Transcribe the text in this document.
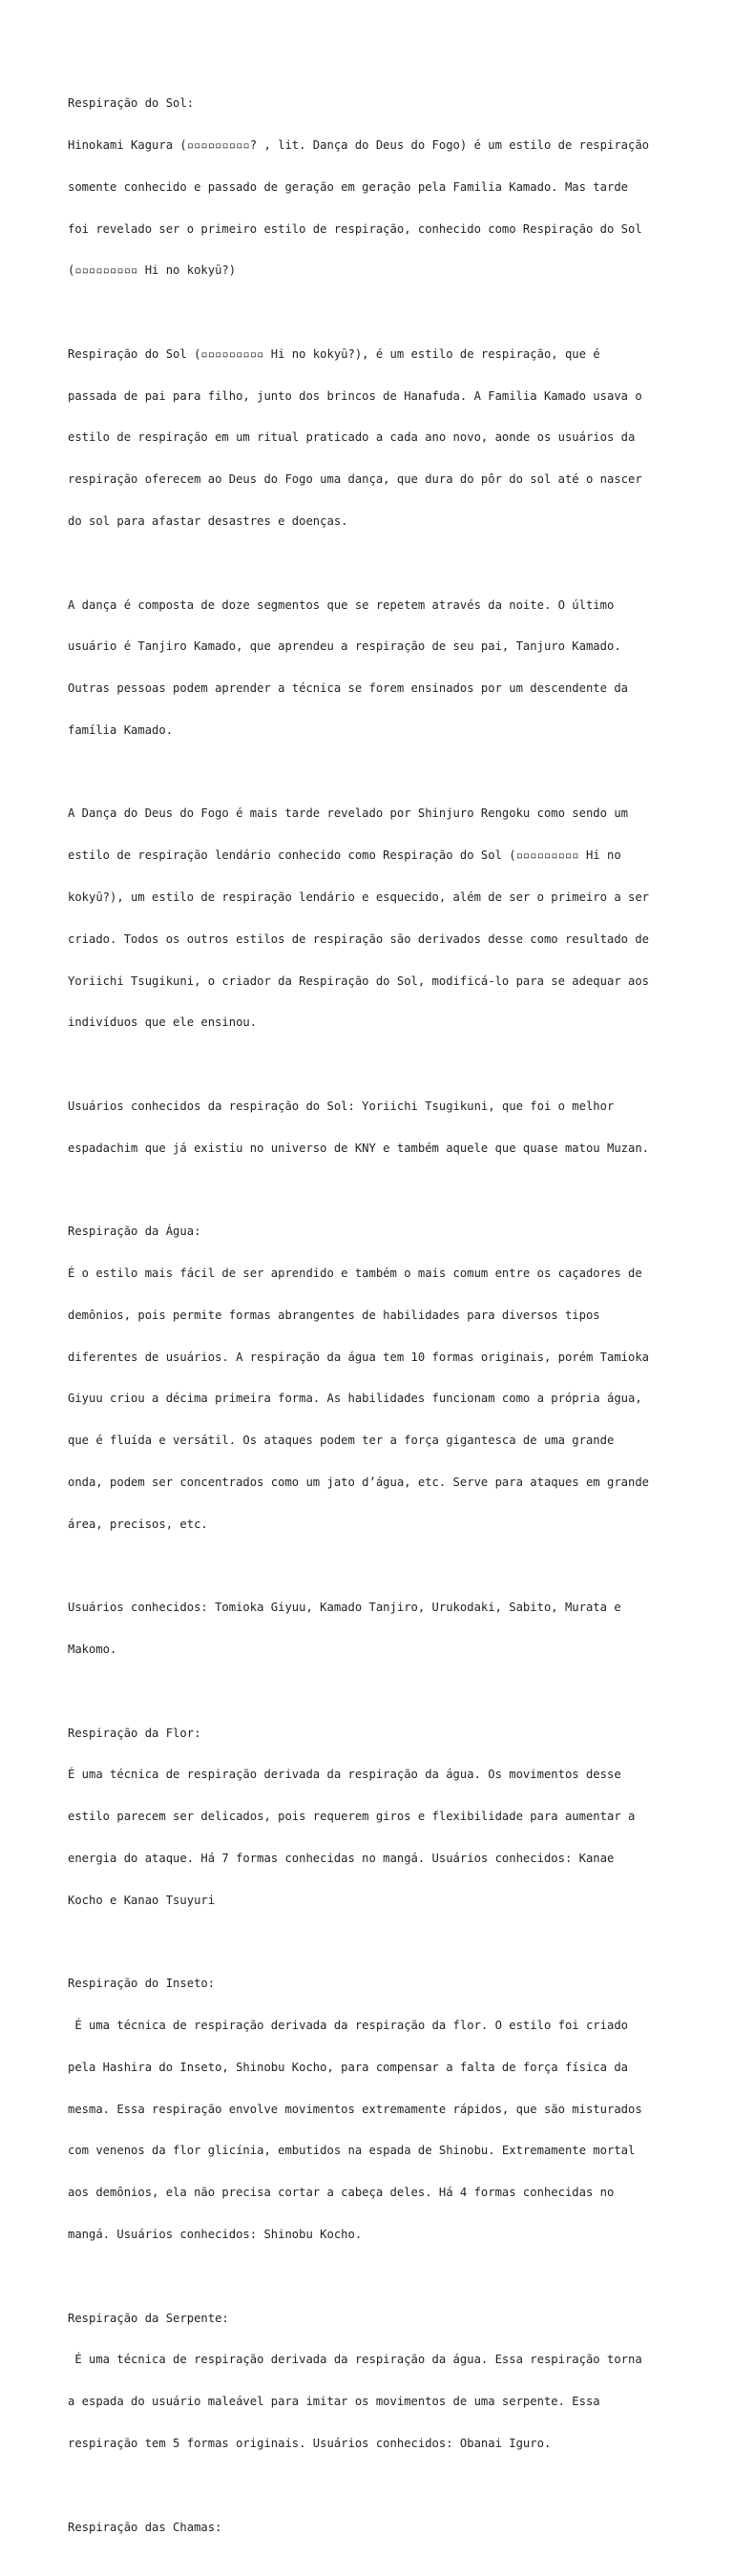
Respiração do Sol:

Hinokami Kagura (▫▫▫▫▫▫▫▫▫? , lit. Dança do Deus do Fogo) é um estilo de respiração

somente conhecido e passado de geração em geração pela Familia Kamado. Mas tarde

foi revelado ser o primeiro estilo de respiração, conhecido como Respiração do Sol

(▫▫▫▫▫▫▫▫▫ Hi no kokyū?)

Respiração do Sol (▫▫▫▫▫▫▫▫▫ Hi no kokyū?), é um estilo de respiração, que é

passada de pai para filho, junto dos brincos de Hanafuda. A Familia Kamado usava o

estilo de respiração em um ritual praticado a cada ano novo, aonde os usuários da

respiração oferecem ao Deus do Fogo uma dança, que dura do pôr do sol até o nascer

do sol para afastar desastres e doenças.

A dança é composta de doze segmentos que se repetem através da noite. O último

usuário é Tanjiro Kamado, que aprendeu a respiração de seu pai, Tanjuro Kamado.

Outras pessoas podem aprender a técnica se forem ensinados por um descendente da

família Kamado.

A Dança do Deus do Fogo é mais tarde revelado por Shinjuro Rengoku como sendo um

estilo de respiração lendário conhecido como Respiração do Sol (▫▫▫▫▫▫▫▫▫ Hi no

kokyū?), um estilo de respiração lendário e esquecido, além de ser o primeiro a ser

criado. Todos os outros estilos de respiração são derivados desse como resultado de

Yoriichi Tsugikuni, o criador da Respiração do Sol, modificá-lo para se adequar aos

indivíduos que ele ensinou.

Usuários conhecidos da respiração do Sol: Yoriichi Tsugikuni, que foi o melhor

espadachim que já existiu no universo de KNY e também aquele que quase matou Muzan.

Respiração da Água:

É o estilo mais fácil de ser aprendido e também o mais comum entre os caçadores de

demônios, pois permite formas abrangentes de habilidades para diversos tipos

diferentes de usuários. A respiração da água tem 10 formas originais, porém Tamioka

Giyuu criou a décima primeira forma. As habilidades funcionam como a própria água,

que é fluída e versátil. Os ataques podem ter a força gigantesca de uma grande

onda, podem ser concentrados como um jato d’água, etc. Serve para ataques em grande

área, precisos, etc.

Usuários conhecidos: Tomioka Giyuu, Kamado Tanjiro, Urukodaki, Sabito, Murata e

Makomo.

Respiração da Flor:

É uma técnica de respiração derivada da respiração da água. Os movimentos desse

estilo parecem ser delicados, pois requerem giros e flexibilidade para aumentar a

energia do ataque. Há 7 formas conhecidas no mangá. Usuários conhecidos: Kanae

Kocho e Kanao Tsuyuri

Respiração do Inseto:

É uma técnica de respiração derivada da respiração da flor. O estilo foi criado

pela Hashira do Inseto, Shinobu Kocho, para compensar a falta de força física da

mesma. Essa respiração envolve movimentos extremamente rápidos, que são misturados

com venenos da flor glicínia, embutidos na espada de Shinobu. Extremamente mortal

aos demônios, ela não precisa cortar a cabeça deles. Há 4 formas conhecidas no

mangá. Usuários conhecidos: Shinobu Kocho.

Respiração da Serpente:

É uma técnica de respiração derivada da respiração da água. Essa respiração torna

a espada do usuário maleável para imitar os movimentos de uma serpente. Essa

respiração tem 5 formas originais. Usuários conhecidos: Obanai Iguro.

Respiração das Chamas:
